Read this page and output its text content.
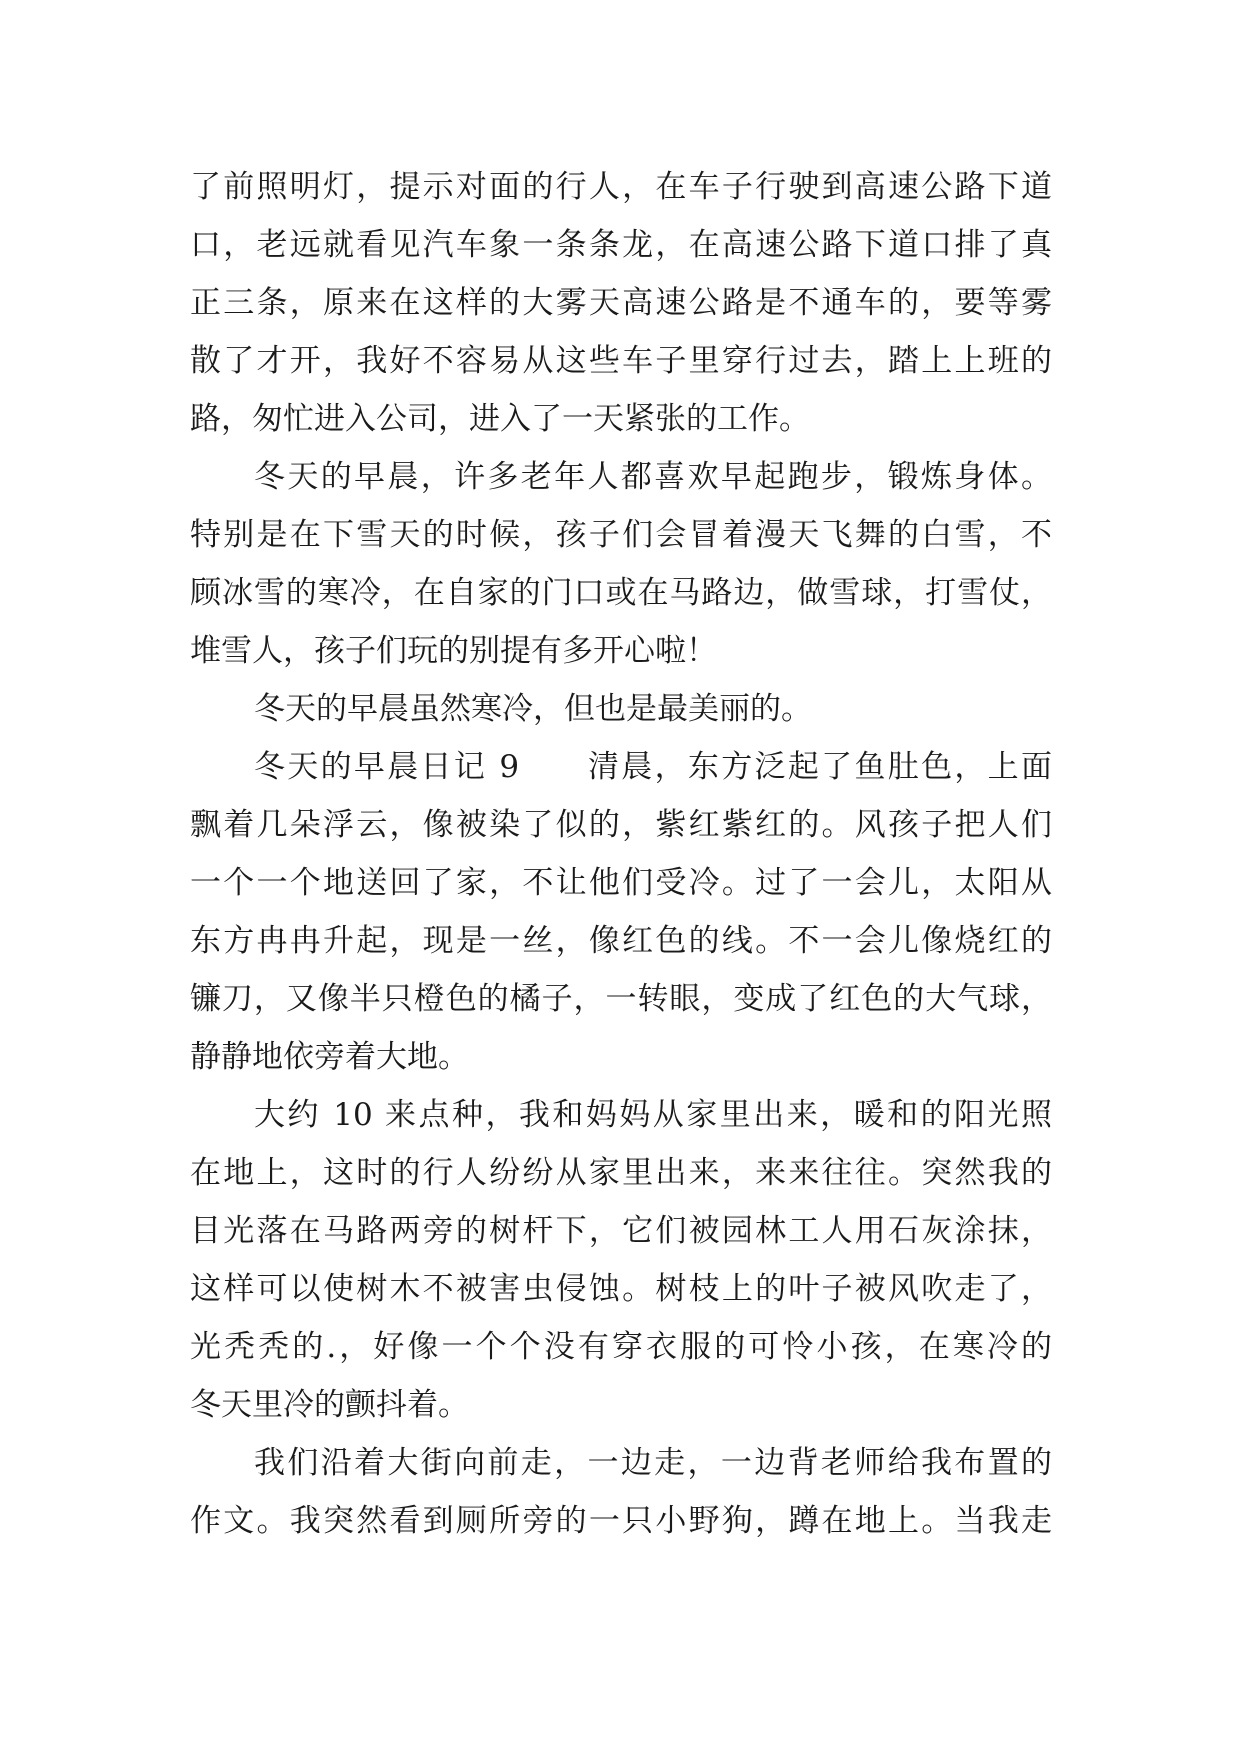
了前照明灯，提示对面的行人，在车子行驶到高速公路下道
口，老远就看见汽车象一条条龙，在高速公路下道口排了真
正三条，原来在这样的大雾天高速公路是不通车的，要等雾
散了才开，我好不容易从这些车子里穿行过去，踏上上班的
路，匆忙进入公司，进入了一天紧张的工作。
冬天的早晨，许多老年人都喜欢早起跑步，锻炼身体。
特别是在下雪天的时候，孩子们会冒着漫天飞舞的白雪，不
顾冰雪的寒冷，在自家的门口或在马路边，做雪球，打雪仗，
堆雪人，孩子们玩的别提有多开心啦！
冬天的早晨虽然寒冷，但也是最美丽的。
冬天的早晨日记 9　　清晨，东方泛起了鱼肚色，上面
飘着几朵浮云，像被染了似的，紫红紫红的。风孩子把人们
一个一个地送回了家，不让他们受冷。过了一会儿，太阳从
东方冉冉升起，现是一丝，像红色的线。不一会儿像烧红的
镰刀，又像半只橙色的橘子，一转眼，变成了红色的大气球，
静静地依旁着大地。
大约 10 来点种，我和妈妈从家里出来，暖和的阳光照
在地上，这时的行人纷纷从家里出来，来来往往。突然我的
目光落在马路两旁的树杆下，它们被园林工人用石灰涂抹，
这样可以使树木不被害虫侵蚀。树枝上的叶子被风吹走了，
光秃秃的.，好像一个个没有穿衣服的可怜小孩，在寒冷的
冬天里冷的颤抖着。
我们沿着大街向前走，一边走，一边背老师给我布置的
作文。我突然看到厕所旁的一只小野狗，蹲在地上。当我走
